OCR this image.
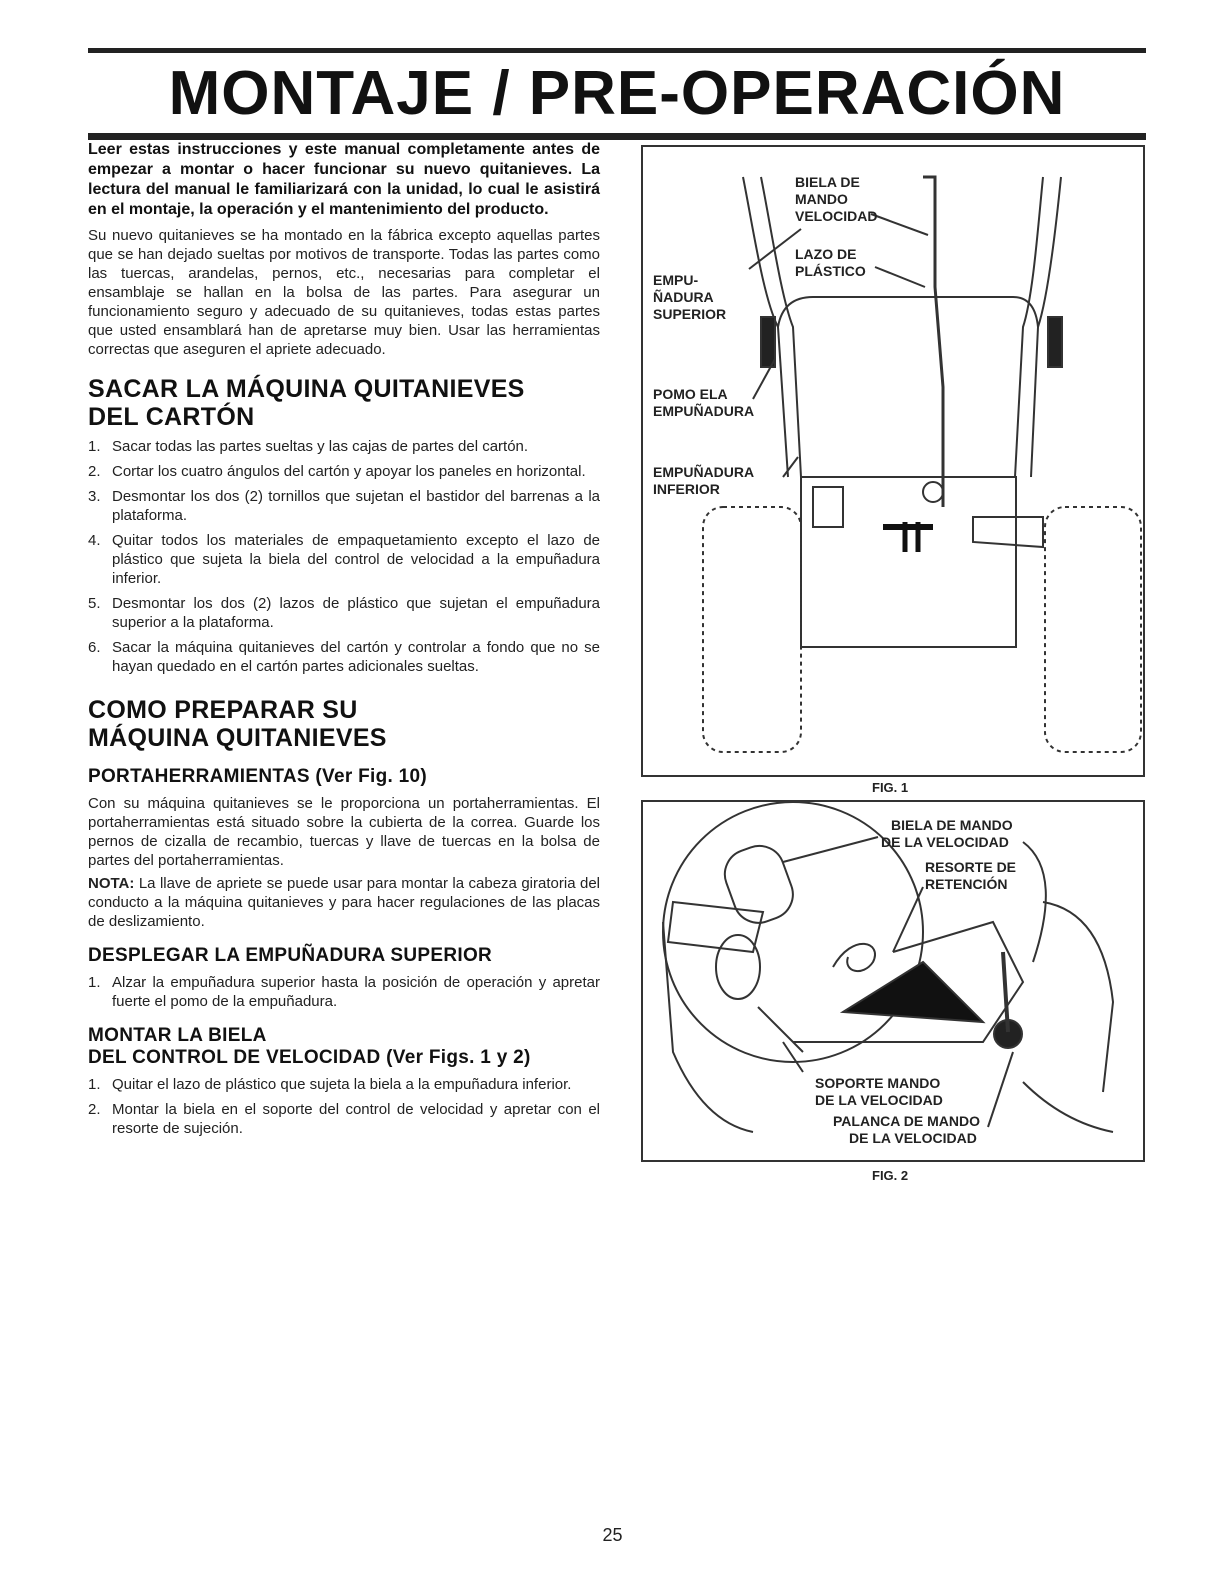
MONTAJE / PRE-OPERACIÓN

Leer estas instrucciones y este manual completamente antes de empezar a montar o hacer funcionar su nuevo quitanieves. La lectura del manual le familiarizará con la unidad, lo cual le asistirá en el montaje, la operación y el mantenimiento del producto.

Su nuevo quitanieves se ha montado en la fábrica excepto aquellas partes que se han dejado sueltas por motivos de transporte. Todas las partes como las tuercas, arandelas, pernos, etc., necesarias para completar el ensamblaje se hallan en la bolsa de las partes. Para asegurar un funcionamiento seguro y adecuado de su quitanieves, todas estas partes que usted ensamblará han de apretarse muy bien. Usar las herramientas correctas que aseguren el apriete adecuado.

SACAR LA MÁQUINA QUITANIEVES
DEL CARTÓN
1. Sacar todas las partes sueltas y las cajas de partes del cartón.
2. Cortar los cuatro ángulos del cartón y apoyar los paneles en horizontal.
3. Desmontar los dos (2) tornillos que sujetan el bastidor del barrenas a la plataforma.
4. Quitar todos los materiales de empaquetamiento excepto el lazo de plástico que sujeta la biela del control de velocidad a la empuñadura inferior.
5. Desmontar los dos (2) lazos de plástico que sujetan el empuñadura superior a la plataforma.
6. Sacar la máquina quitanieves del cartón y controlar a fondo que no se hayan quedado en el cartón partes adicionales sueltas.
COMO PREPARAR SU
MÁQUINA QUITANIEVES
PORTAHERRAMIENTAS (Ver Fig. 10)

Con su máquina quitanieves se le proporciona un portaherramientas. El portaherramientas está situado sobre la cubierta de la correa. Guarde los pernos de cizalla de recambio, tuercas y llave de tuercas en la bolsa de partes del portaherramientas.

NOTA: La llave de apriete se puede usar para montar la cabeza giratoria del conducto a la máquina quitanieves y para hacer regulaciones de las placas de deslizamiento.

DESPLEGAR LA EMPUÑADURA SUPERIOR
1. Alzar la empuñadura superior hasta la posición de operación y apretar fuerte el pomo de la empuñadura.
MONTAR LA BIELA
DEL CONTROL DE VELOCIDAD (Ver Figs. 1 y 2)
1. Quitar el lazo de plástico que sujeta la biela a la empuñadura inferior.
2. Montar la biela en el soporte del control de velocidad y apretar con el resorte de sujeción.
BIELA DE
MANDO
VELOCIDAD
LAZO DE
PLÁSTICO
EMPU-
ÑADURA
SUPERIOR
POMO ELA
EMPUÑADURA
EMPUÑADURA
INFERIOR
FIG. 1
BIELA DE MANDO
DE LA VELOCIDAD
RESORTE DE
RETENCIÓN
SOPORTE MANDO
DE LA VELOCIDAD
PALANCA DE MANDO
DE LA VELOCIDAD
FIG. 2
25
